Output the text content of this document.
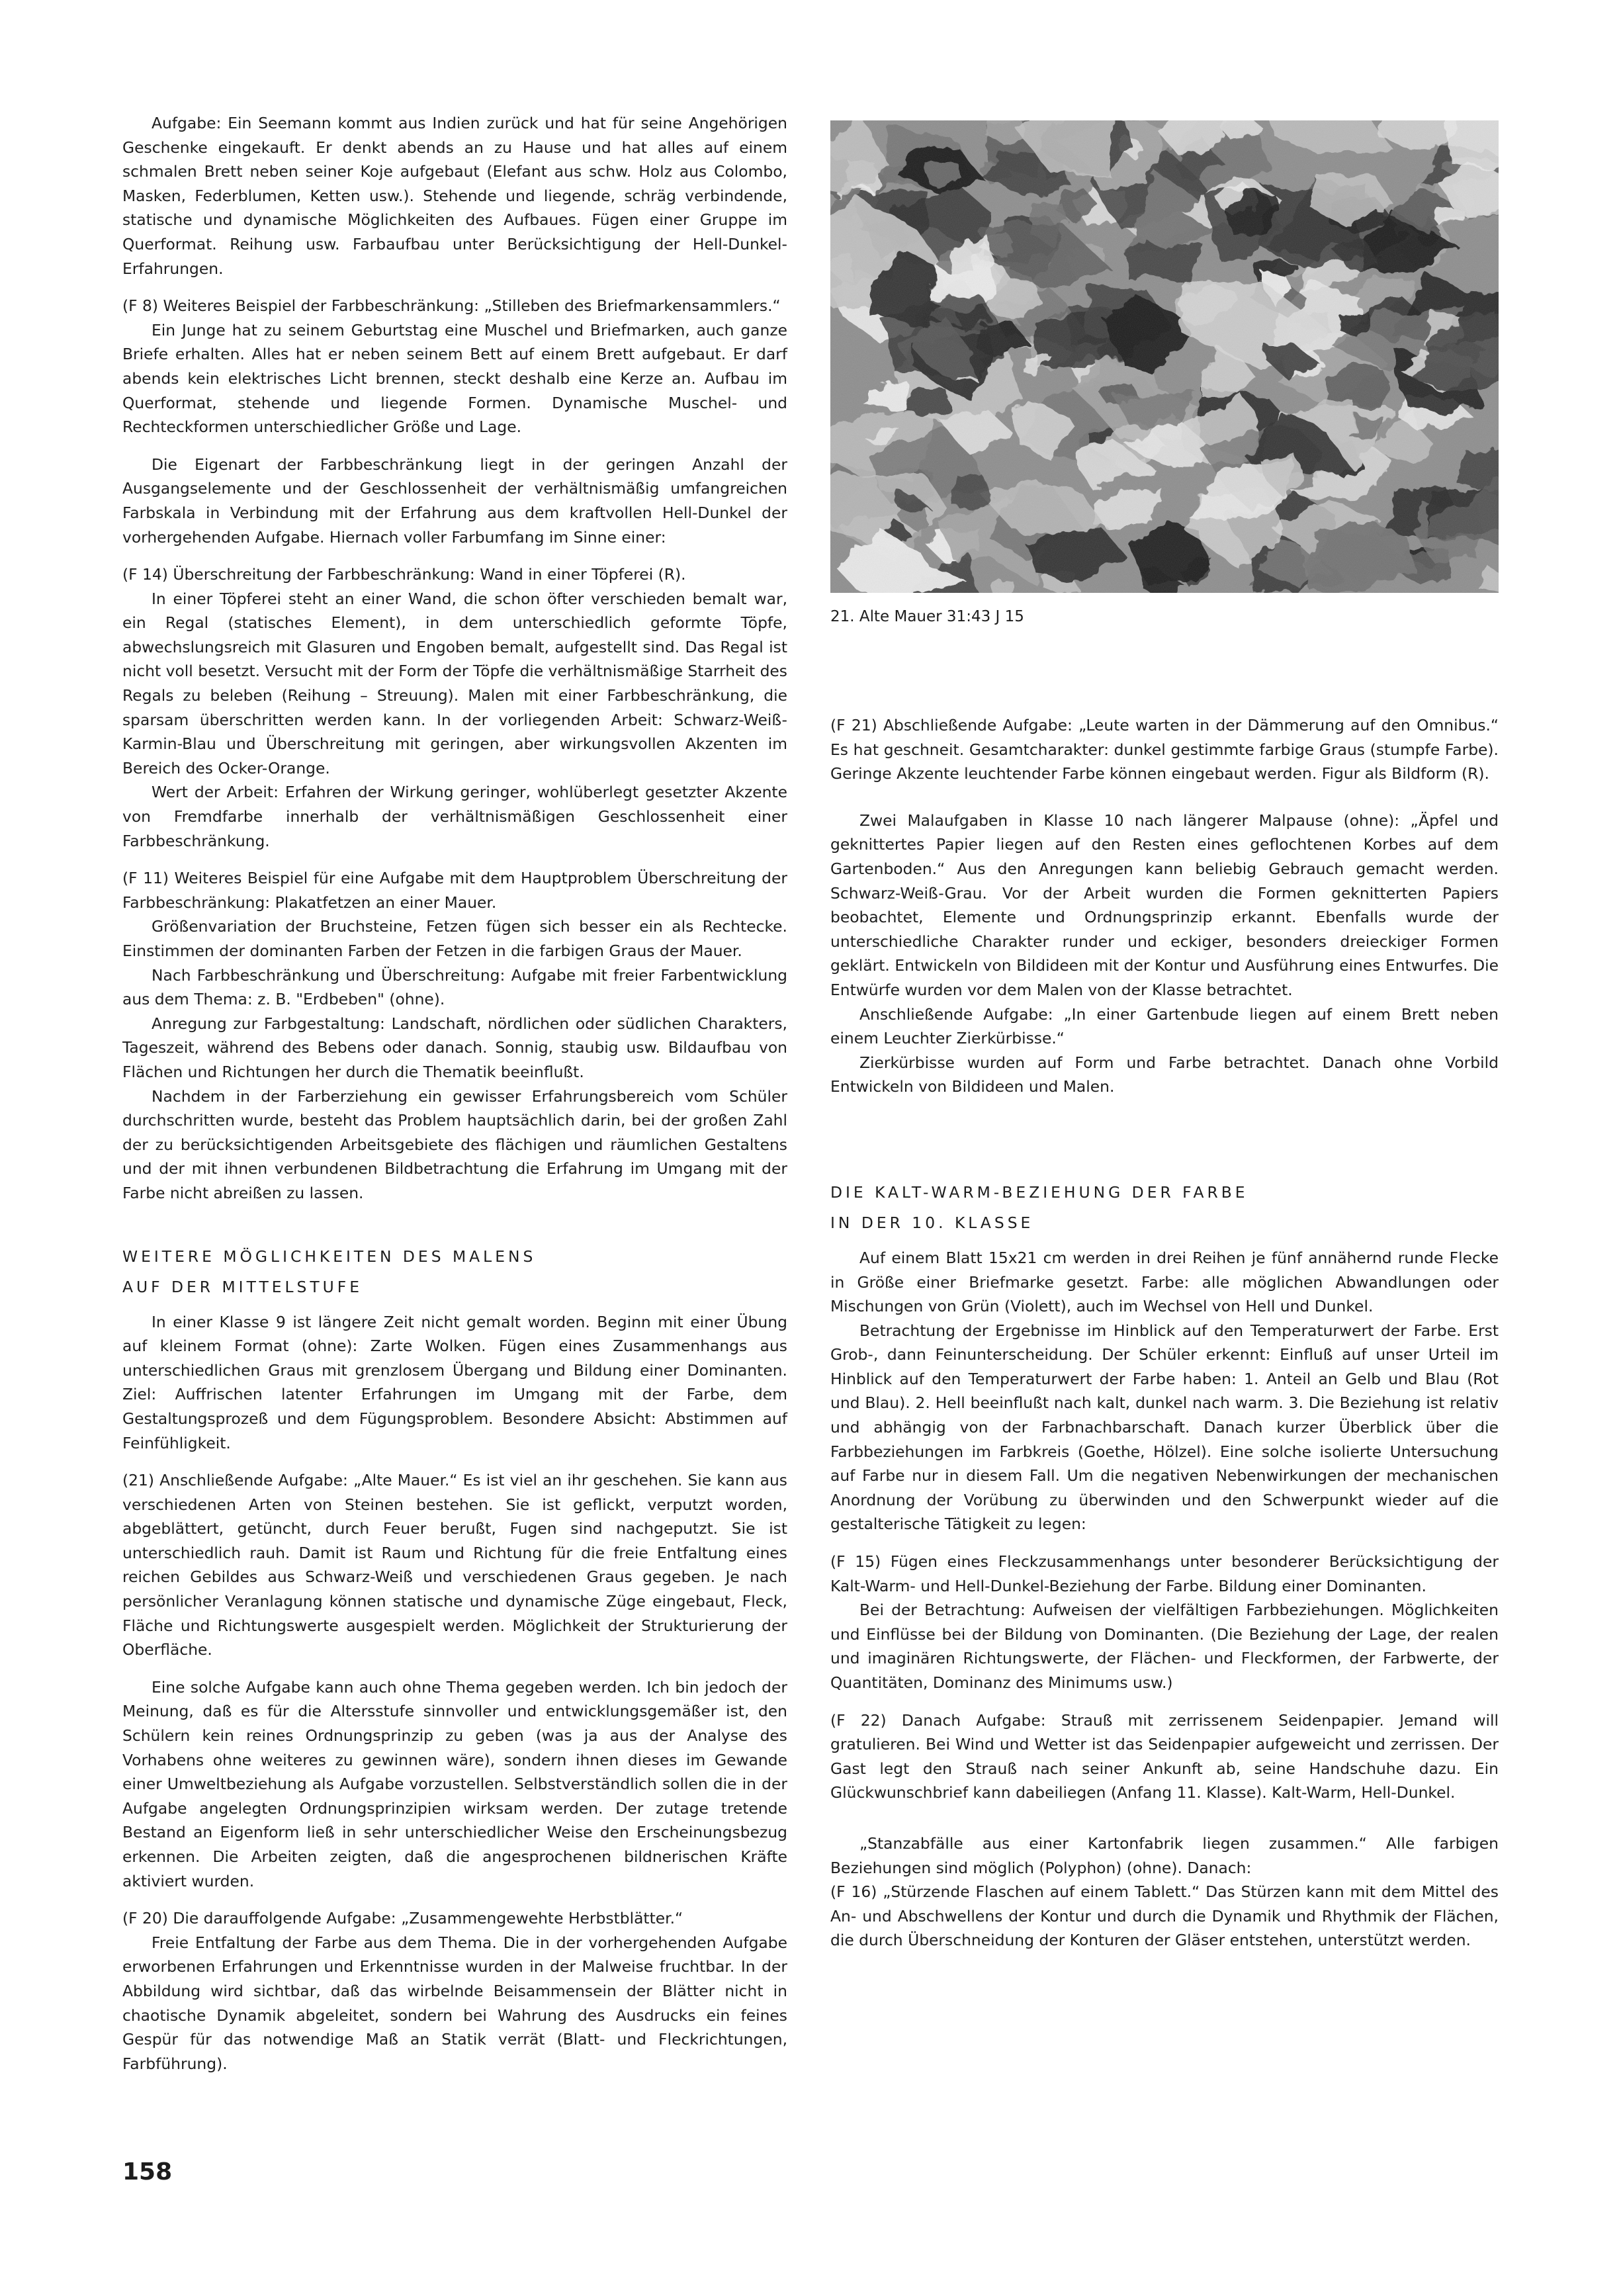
Aufgabe: Ein Seemann kommt aus Indien zurück und hat für seine Angehörigen Geschenke eingekauft. Er denkt abends an zu Hause und hat alles auf einem schmalen Brett neben seiner Koje aufgebaut (Elefant aus schw. Holz aus Colombo, Masken, Federblumen, Ketten usw.). Stehende und liegende, schräg verbindende, statische und dynamische Möglichkeiten des Aufbaues. Fügen einer Gruppe im Querformat. Reihung usw. Farbaufbau unter Berücksichtigung der Hell-Dunkel-Erfahrungen.

(F 8) Weiteres Beispiel der Farbbeschränkung: „Stilleben des Briefmarkensammlers.“

Ein Junge hat zu seinem Geburtstag eine Muschel und Briefmarken, auch ganze Briefe erhalten. Alles hat er neben seinem Bett auf einem Brett aufgebaut. Er darf abends kein elektrisches Licht brennen, steckt deshalb eine Kerze an. Aufbau im Querformat, stehende und liegende Formen. Dynamische Muschel- und Rechteckformen unterschiedlicher Größe und Lage.

Die Eigenart der Farbbeschränkung liegt in der geringen Anzahl der Ausgangselemente und der Geschlossenheit der verhältnismäßig umfangreichen Farbskala in Verbindung mit der Erfahrung aus dem kraftvollen Hell-Dunkel der vorhergehenden Aufgabe. Hiernach voller Farbumfang im Sinne einer:

(F 14) Überschreitung der Farbbeschränkung: Wand in einer Töpferei (R).

In einer Töpferei steht an einer Wand, die schon öfter verschieden bemalt war, ein Regal (statisches Element), in dem unterschiedlich geformte Töpfe, abwechslungsreich mit Glasuren und Engoben bemalt, aufgestellt sind. Das Regal ist nicht voll besetzt. Versucht mit der Form der Töpfe die verhältnismäßige Starrheit des Regals zu beleben (Reihung – Streuung). Malen mit einer Farbbeschränkung, die sparsam überschritten werden kann. In der vorliegenden Arbeit: Schwarz-Weiß-Karmin-Blau und Überschreitung mit geringen, aber wirkungsvollen Akzenten im Bereich des Ocker-Orange.

Wert der Arbeit: Erfahren der Wirkung geringer, wohlüberlegt gesetzter Akzente von Fremdfarbe innerhalb der verhältnismäßigen Geschlossenheit einer Farbbeschränkung.

(F 11) Weiteres Beispiel für eine Aufgabe mit dem Hauptproblem Überschreitung der Farbbeschränkung: Plakatfetzen an einer Mauer.

Größenvariation der Bruchsteine, Fetzen fügen sich besser ein als Rechtecke. Einstimmen der dominanten Farben der Fetzen in die farbigen Graus der Mauer.

Nach Farbbeschränkung und Überschreitung: Aufgabe mit freier Farbentwicklung aus dem Thema: z. B. "Erdbeben" (ohne).

Anregung zur Farbgestaltung: Landschaft, nördlichen oder südlichen Charakters, Tageszeit, während des Bebens oder danach. Sonnig, staubig usw. Bildaufbau von Flächen und Richtungen her durch die Thematik beeinflußt.

Nachdem in der Farberziehung ein gewisser Erfahrungsbereich vom Schüler durchschritten wurde, besteht das Problem hauptsächlich darin, bei der großen Zahl der zu berücksichtigenden Arbeitsgebiete des flächigen und räumlichen Gestaltens und der mit ihnen verbundenen Bildbetrachtung die Erfahrung im Umgang mit der Farbe nicht abreißen zu lassen.

WEITERE MÖGLICHKEITEN DES MALENS

AUF DER MITTELSTUFE

In einer Klasse 9 ist längere Zeit nicht gemalt worden. Beginn mit einer Übung auf kleinem Format (ohne): Zarte Wolken. Fügen eines Zusammenhangs aus unterschiedlichen Graus mit grenzlosem Übergang und Bildung einer Dominanten. Ziel: Auffrischen latenter Erfahrungen im Umgang mit der Farbe, dem Gestaltungsprozeß und dem Fügungsproblem. Besondere Absicht: Abstimmen auf Feinfühligkeit.

(21) Anschließende Aufgabe: „Alte Mauer.“ Es ist viel an ihr geschehen. Sie kann aus verschiedenen Arten von Steinen bestehen. Sie ist geflickt, verputzt worden, abgeblättert, getüncht, durch Feuer berußt, Fugen sind nachgeputzt. Sie ist unterschiedlich rauh. Damit ist Raum und Richtung für die freie Entfaltung eines reichen Gebildes aus Schwarz-Weiß und verschiedenen Graus gegeben. Je nach persönlicher Veranlagung können statische und dynamische Züge eingebaut, Fleck, Fläche und Richtungswerte ausgespielt werden. Möglichkeit der Strukturierung der Oberfläche.

Eine solche Aufgabe kann auch ohne Thema gegeben werden. Ich bin jedoch der Meinung, daß es für die Altersstufe sinnvoller und entwicklungsgemäßer ist, den Schülern kein reines Ordnungsprinzip zu geben (was ja aus der Analyse des Vorhabens ohne weiteres zu gewinnen wäre), sondern ihnen dieses im Gewande einer Umweltbeziehung als Aufgabe vorzustellen. Selbstverständlich sollen die in der Aufgabe angelegten Ordnungsprinzipien wirksam werden. Der zutage tretende Bestand an Eigenform ließ in sehr unterschiedlicher Weise den Erscheinungsbezug erkennen. Die Arbeiten zeigten, daß die angesprochenen bildnerischen Kräfte aktiviert wurden.

(F 20) Die darauffolgende Aufgabe: „Zusammengewehte Herbstblätter.“

Freie Entfaltung der Farbe aus dem Thema. Die in der vorhergehenden Aufgabe erworbenen Erfahrungen und Erkenntnisse wurden in der Malweise fruchtbar. In der Abbildung wird sichtbar, daß das wirbelnde Beisammensein der Blätter nicht in chaotische Dynamik abgeleitet, sondern bei Wahrung des Ausdrucks ein feines Gespür für das notwendige Maß an Statik verrät (Blatt- und Fleckrichtungen, Farbführung).

21. Alte Mauer 31:43 J 15

(F 21) Abschließende Aufgabe: „Leute warten in der Dämmerung auf den Omnibus.“ Es hat geschneit. Gesamtcharakter: dunkel gestimmte farbige Graus (stumpfe Farbe). Geringe Akzente leuchtender Farbe können eingebaut werden. Figur als Bildform (R).

Zwei Malaufgaben in Klasse 10 nach längerer Malpause (ohne): „Äpfel und geknittertes Papier liegen auf den Resten eines geflochtenen Korbes auf dem Gartenboden.“ Aus den Anregungen kann beliebig Gebrauch gemacht werden. Schwarz-Weiß-Grau. Vor der Arbeit wurden die Formen geknitterten Papiers beobachtet, Elemente und Ordnungsprinzip erkannt. Ebenfalls wurde der unterschiedliche Charakter runder und eckiger, besonders dreieckiger Formen geklärt. Entwickeln von Bildideen mit der Kontur und Ausführung eines Entwurfes. Die Entwürfe wurden vor dem Malen von der Klasse betrachtet.

Anschließende Aufgabe: „In einer Gartenbude liegen auf einem Brett neben einem Leuchter Zierkürbisse.“

Zierkürbisse wurden auf Form und Farbe betrachtet. Danach ohne Vorbild Entwickeln von Bildideen und Malen.

DIE KALT-WARM-BEZIEHUNG DER FARBE

IN DER 10. KLASSE

Auf einem Blatt 15x21 cm werden in drei Reihen je fünf annähernd runde Flecke in Größe einer Briefmarke gesetzt. Farbe: alle möglichen Abwandlungen oder Mischungen von Grün (Violett), auch im Wechsel von Hell und Dunkel.

Betrachtung der Ergebnisse im Hinblick auf den Temperaturwert der Farbe. Erst Grob-, dann Feinunterscheidung. Der Schüler erkennt: Einfluß auf unser Urteil im Hinblick auf den Temperaturwert der Farbe haben: 1. Anteil an Gelb und Blau (Rot und Blau). 2. Hell beeinflußt nach kalt, dunkel nach warm. 3. Die Beziehung ist relativ und abhängig von der Farbnachbarschaft. Danach kurzer Überblick über die Farbbeziehungen im Farbkreis (Goethe, Hölzel). Eine solche isolierte Untersuchung auf Farbe nur in diesem Fall. Um die negativen Nebenwirkungen der mechanischen Anordnung der Vorübung zu überwinden und den Schwerpunkt wieder auf die gestalterische Tätigkeit zu legen:

(F 15) Fügen eines Fleckzusammenhangs unter besonderer Berücksichtigung der Kalt-Warm- und Hell-Dunkel-Beziehung der Farbe. Bildung einer Dominanten.

Bei der Betrachtung: Aufweisen der vielfältigen Farbbeziehungen. Möglichkeiten und Einflüsse bei der Bildung von Dominanten. (Die Beziehung der Lage, der realen und imaginären Richtungswerte, der Flächen- und Fleckformen, der Farbwerte, der Quantitäten, Dominanz des Minimums usw.)

(F 22) Danach Aufgabe: Strauß mit zerrissenem Seidenpapier. Jemand will gratulieren. Bei Wind und Wetter ist das Seidenpapier aufgeweicht und zerrissen. Der Gast legt den Strauß nach seiner Ankunft ab, seine Handschuhe dazu. Ein Glückwunschbrief kann dabeiliegen (Anfang 11. Klasse). Kalt-Warm, Hell-Dunkel.

„Stanzabfälle aus einer Kartonfabrik liegen zusammen.“ Alle farbigen Beziehungen sind möglich (Polyphon) (ohne). Danach:

(F 16) „Stürzende Flaschen auf einem Tablett.“ Das Stürzen kann mit dem Mittel des An- und Abschwellens der Kontur und durch die Dynamik und Rhythmik der Flächen, die durch Überschneidung der Konturen der Gläser entstehen, unterstützt werden.

158
